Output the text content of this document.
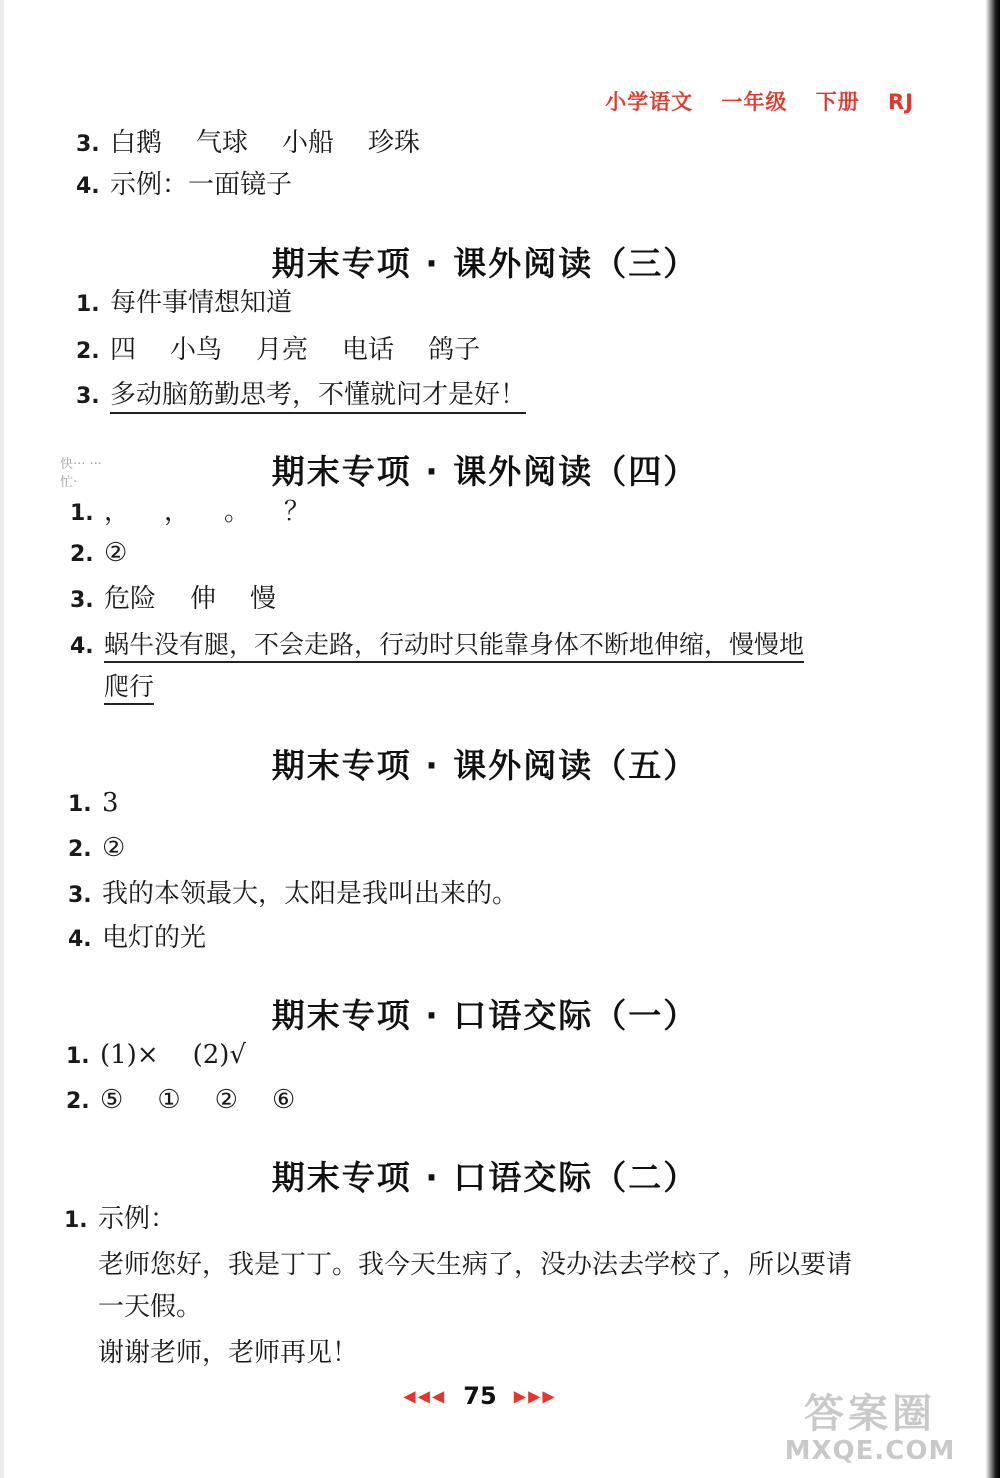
小学语文 一年级 下册 RJ
3. 白鹅 气球 小船 珍珠
4. 示例：一面镜子
期末专项 · 课外阅读（三）
1. 每件事情想知道
2. 四 小鸟 月亮 电话 鸽子
3. 多动脑筋勤思考，不懂就问才是好！
快··· ···
忙·	期末专项 · 课外阅读（四）
1. ， ， 。 ？
2. ②
3. 危险 伸 慢
4. 蜗牛没有腿，不会走路，行动时只能靠身体不断地伸缩，慢慢地
爬行
期末专项 · 课外阅读（五）
1. 3
2. ②
3. 我的本领最大，太阳是我叫出来的。
4. 电灯的光
期末专项 · 口语交际（一）
1. (1)× (2)√
2. ⑤ ① ② ⑥
期末专项 · 口语交际（二）
1. 示例：
老师您好，我是丁丁。我今天生病了，没办法去学校了，所以要请
一天假。
谢谢老师，老师再见！
◀◀◀ 75 ▶▶▶	答案圈
MXQE.COM
